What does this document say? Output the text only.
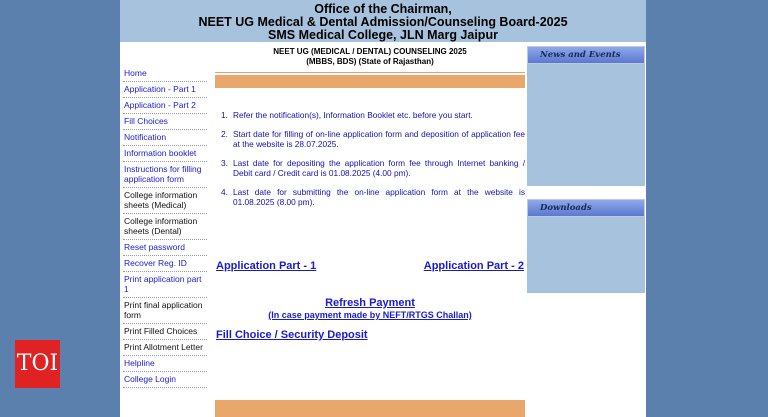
Office of the Chairman,
NEET UG Medical & Dental Admission/Counseling Board-2025
SMS Medical College, JLN Marg Jaipur
Home
Application - Part 1
Application - Part 2
Fill Choices
Notification
Information booklet
Instructions for filling application form
College information sheets (Medical)
College information sheets (Dental)
Reset password
Recover Reg. ID
Print application part 1
Print final application form
Print Filled Choices
Print Allotment Letter
Helpline
College Login
NEET UG (MEDICAL / DENTAL) COUNSELING 2025
(MBBS, BDS) (State of Rajasthan)
1. Refer the notification(s), Information Booklet etc. before you start.
2. Start date for filling of on-line application form and deposition of application fee at the website is 28.07.2025.
3. Last date for depositing the application form fee through Internet banking / Debit card / Credit card is 01.08.2025 (4.00 pm).
4. Last date for submitting the on-line application form at the website is 01.08.2025 (8.00 pm).
Application Part - 1	Application Part - 2
Refresh Payment
(In case payment made by NEFT/RTGS Challan)
Fill Choice / Security Deposit
News and Events
Downloads
TOI
